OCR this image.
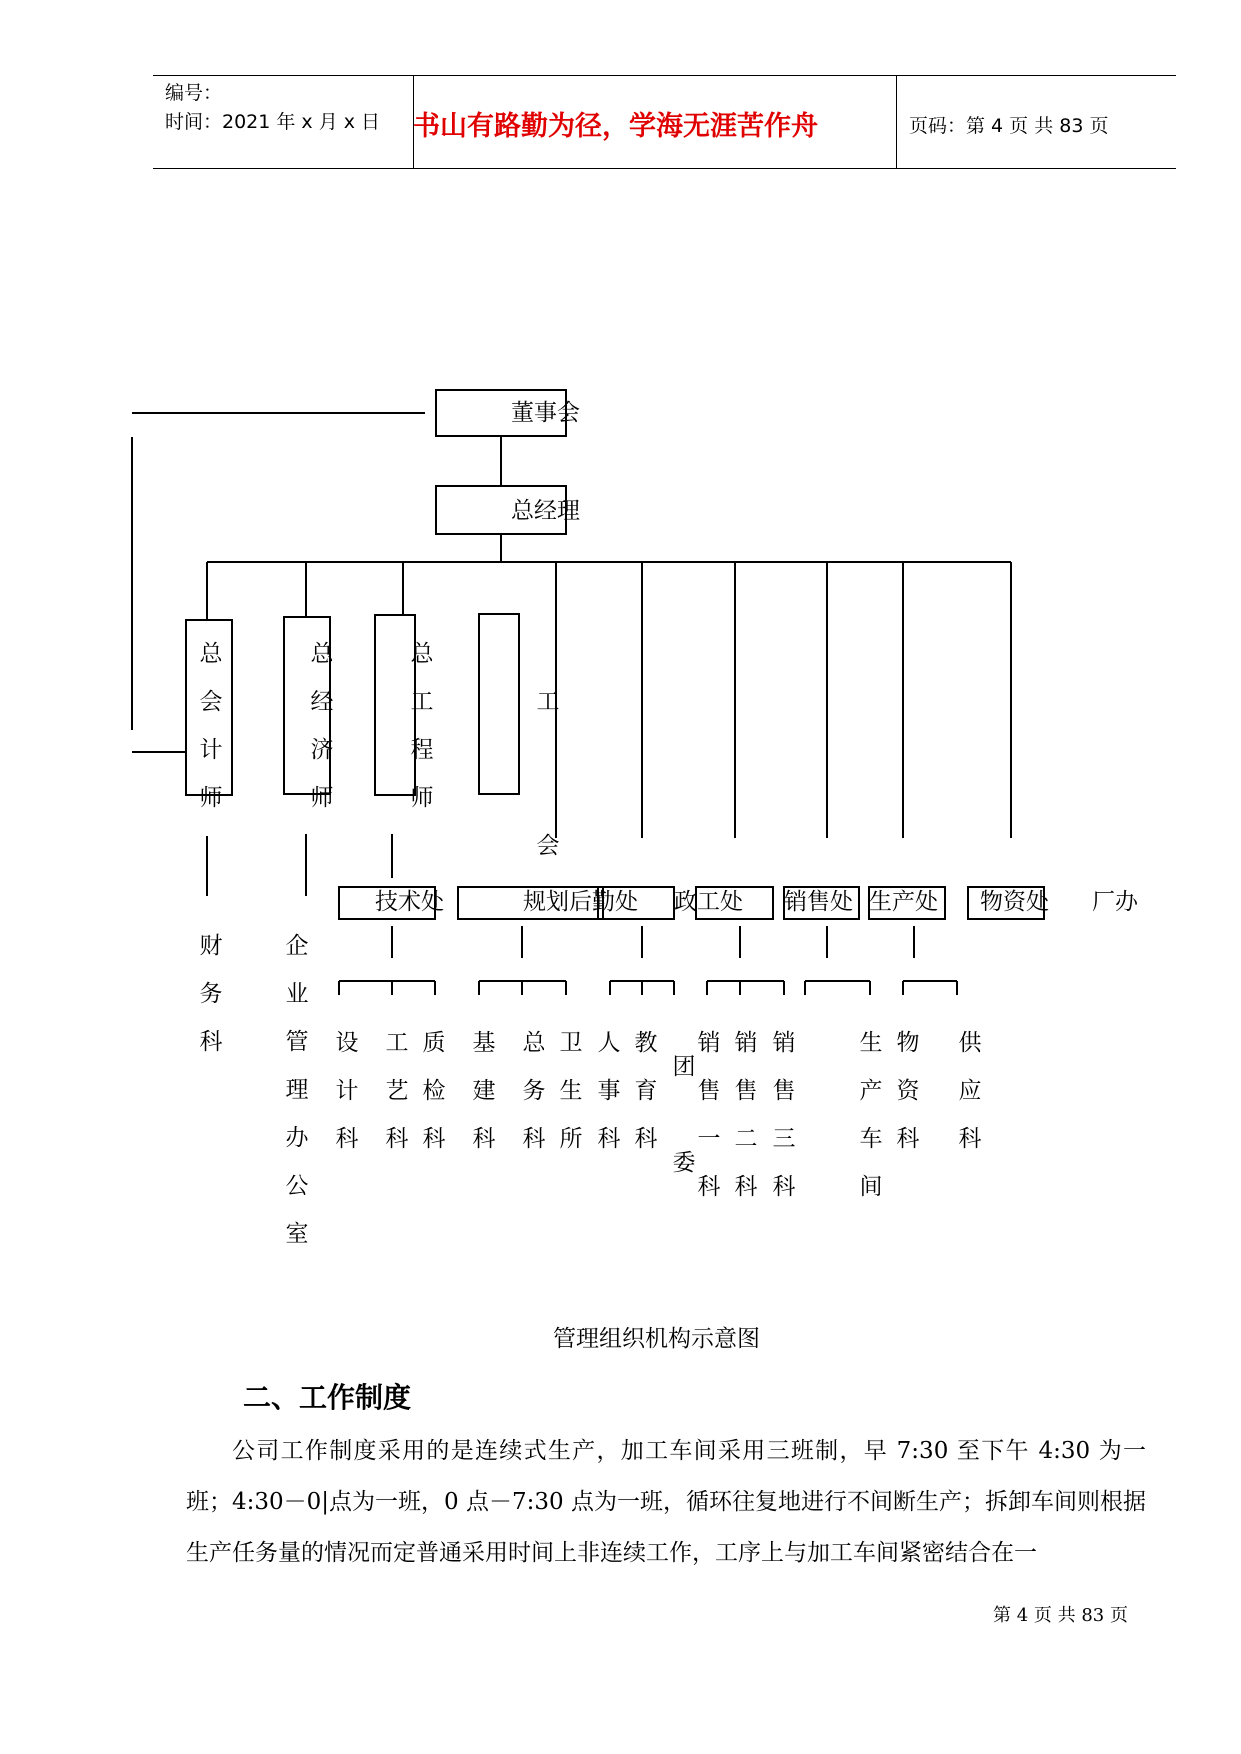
编号：
时间：2021 年 x 月 x 日 书山有路勤为径，学海无涯苦作舟	页码：第 4 页 共 83 页
董事会
总经理
总会计师
总经济师
总工程师
工会
技术处	规划后勤处 政工处 销售处 生产处 物资处 厂办
财务科
企业管理办公室
设计科
工艺科
质检科
基建科
总务科
卫生所
人事科
教育科
团委
销售一科
销售二科
销售三科
生产车间
物资科
供应科
管理组织机构示意图
二、工作制度

公司工作制度采用的是连续式生产，加工车间采用三班制，早 7:30 至下午 4:30 为一班；4:30－0|点为一班，0 点－7:30 点为一班，循环往复地进行不间断生产；拆卸车间则根据生产任务量的情况而定普通采用时间上非连续工作，工序上与加工车间紧密结合在一

第 4 页 共 83 页
